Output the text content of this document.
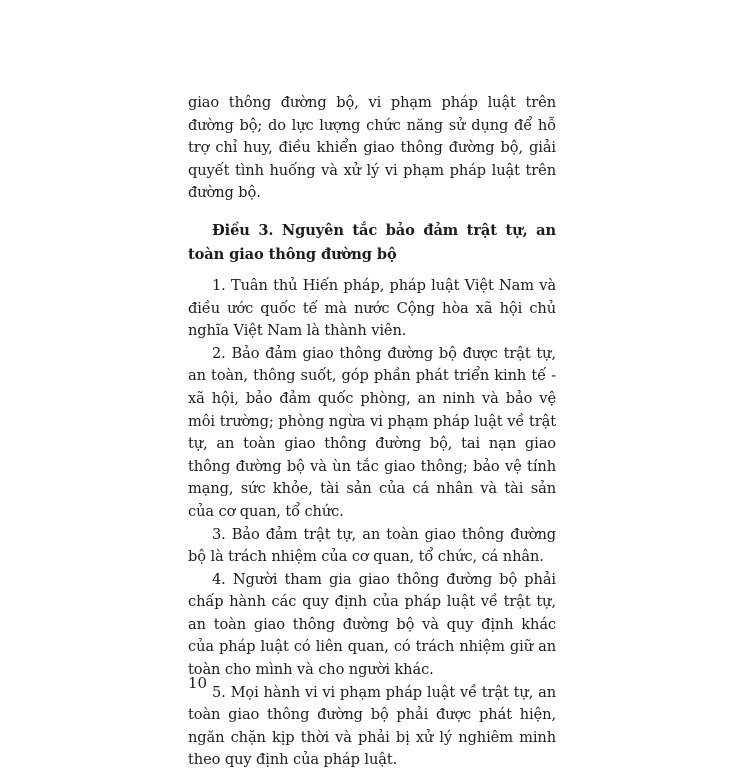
giao thông đường bộ, vi phạm pháp luật trên đường bộ; do lực lượng chức năng sử dụng để hỗ trợ chỉ huy, điều khiển giao thông đường bộ, giải quyết tình huống và xử lý vi phạm pháp luật trên đường bộ.

Điều 3. Nguyên tắc bảo đảm trật tự, an toàn giao thông đường bộ

1. Tuân thủ Hiến pháp, pháp luật Việt Nam và điều ước quốc tế mà nước Cộng hòa xã hội chủ nghĩa Việt Nam là thành viên.

2. Bảo đảm giao thông đường bộ được trật tự, an toàn, thông suốt, góp phần phát triển kinh tế - xã hội, bảo đảm quốc phòng, an ninh và bảo vệ môi trường; phòng ngừa vi phạm pháp luật về trật tự, an toàn giao thông đường bộ, tai nạn giao thông đường bộ và ùn tắc giao thông; bảo vệ tính mạng, sức khỏe, tài sản của cá nhân và tài sản của cơ quan, tổ chức.

3. Bảo đảm trật tự, an toàn giao thông đường bộ là trách nhiệm của cơ quan, tổ chức, cá nhân.

4. Người tham gia giao thông đường bộ phải chấp hành các quy định của pháp luật về trật tự, an toàn giao thông đường bộ và quy định khác của pháp luật có liên quan, có trách nhiệm giữ an toàn cho mình và cho người khác.

5. Mọi hành vi vi phạm pháp luật về trật tự, an toàn giao thông đường bộ phải được phát hiện, ngăn chặn kịp thời và phải bị xử lý nghiêm minh theo quy định của pháp luật.

10
